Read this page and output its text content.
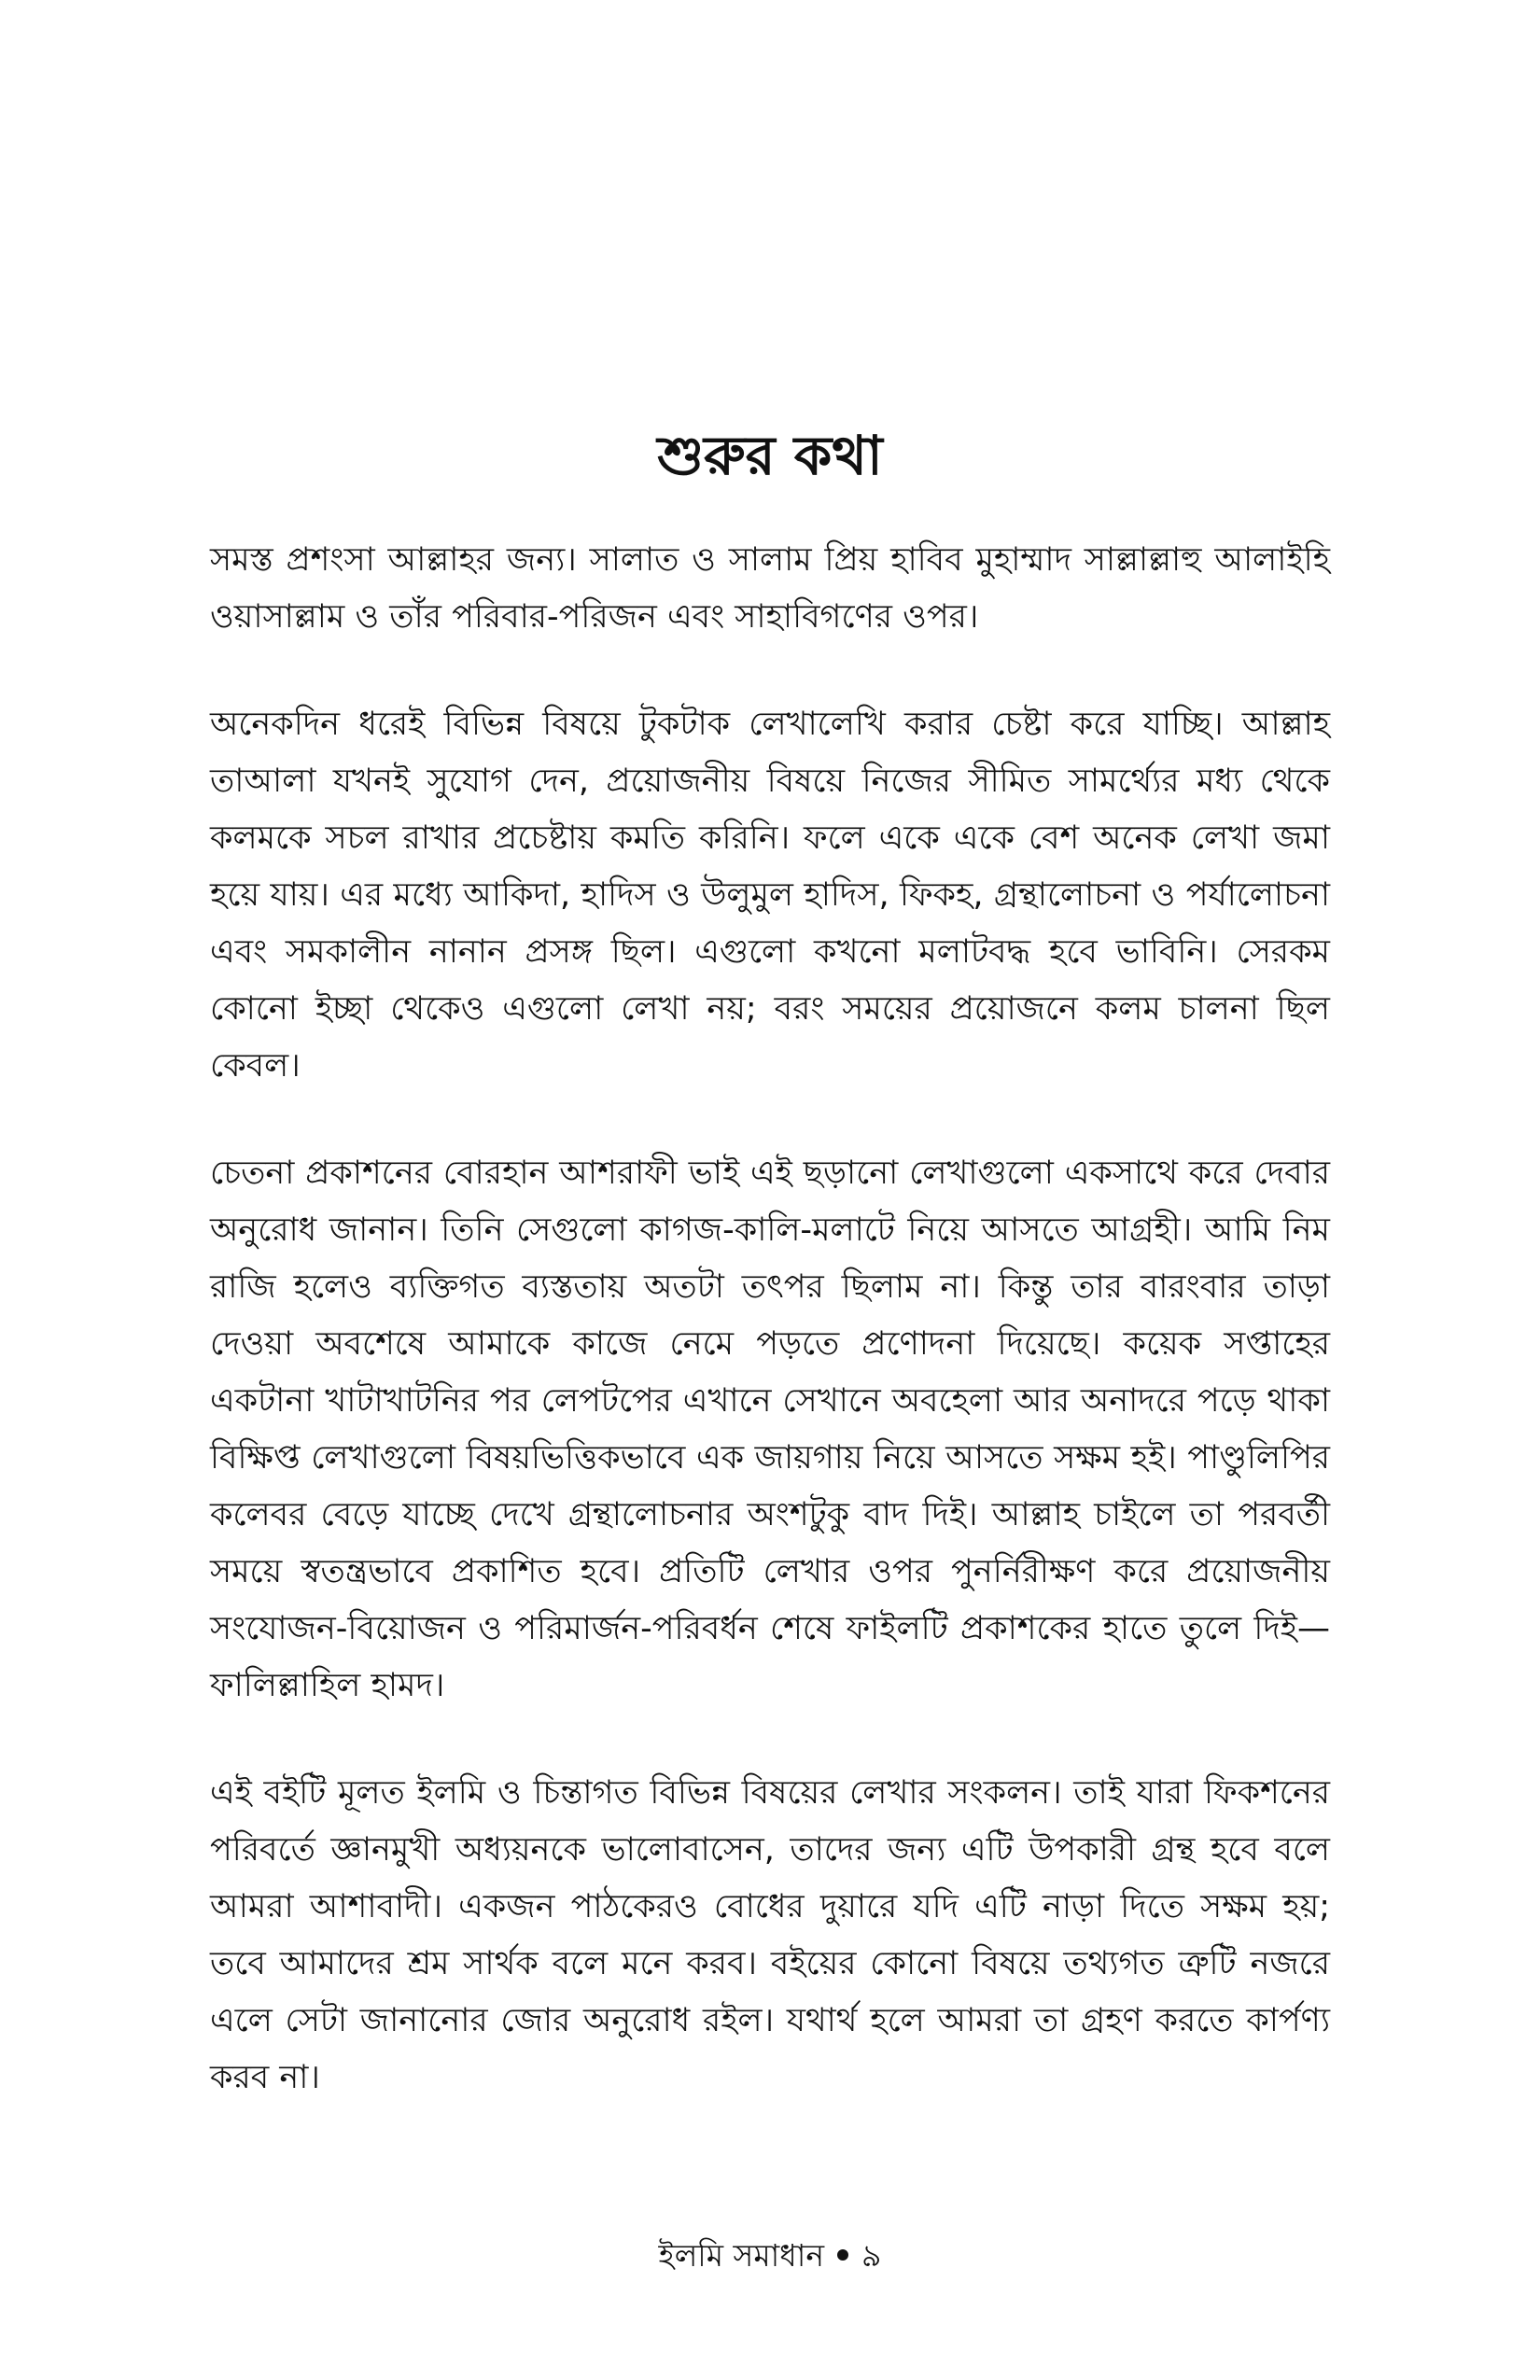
শুরুর কথা

সমস্ত প্রশংসা আল্লাহর জন্য। সালাত ও সালাম প্রিয় হাবিব মুহাম্মাদ সাল্লাল্লাহু আলাইহি ওয়াসাল্লাম ও তাঁর পরিবার-পরিজন এবং সাহাবিগণের ওপর।

অনেকদিন ধরেই বিভিন্ন বিষয়ে টুকটাক লেখালেখি করার চেষ্টা করে যাচ্ছি। আল্লাহ তাআলা যখনই সুযোগ দেন, প্রয়োজনীয় বিষয়ে নিজের সীমিত সামর্থ্যের মধ্য থেকে কলমকে সচল রাখার প্রচেষ্টায় কমতি করিনি। ফলে একে একে বেশ অনেক লেখা জমা হয়ে যায়। এর মধ্যে আকিদা, হাদিস ও উলুমুল হাদিস, ফিকহ, গ্রন্থালোচনা ও পর্যালোচনা এবং সমকালীন নানান প্রসঙ্গ ছিল। এগুলো কখনো মলাটবদ্ধ হবে ভাবিনি। সেরকম কোনো ইচ্ছা থেকেও এগুলো লেখা নয়; বরং সময়ের প্রয়োজনে কলম চালনা ছিল কেবল।

চেতনা প্রকাশনের বোরহান আশরাফী ভাই এই ছড়ানো লেখাগুলো একসাথে করে দেবার অনুরোধ জানান। তিনি সেগুলো কাগজ-কালি-মলাটে নিয়ে আসতে আগ্রহী। আমি নিম রাজি হলেও ব্যক্তিগত ব্যস্ততায় অতটা তৎপর ছিলাম না। কিন্তু তার বারংবার তাড়া দেওয়া অবশেষে আমাকে কাজে নেমে পড়তে প্রণোদনা দিয়েছে। কয়েক সপ্তাহের একটানা খাটাখাটনির পর লেপটপের এখানে সেখানে অবহেলা আর অনাদরে পড়ে থাকা বিক্ষিপ্ত লেখাগুলো বিষয়ভিত্তিকভাবে এক জায়গায় নিয়ে আসতে সক্ষম হই। পাণ্ডুলিপির কলেবর বেড়ে যাচ্ছে দেখে গ্রন্থালোচনার অংশটুকু বাদ দিই। আল্লাহ চাইলে তা পরবর্তী সময়ে স্বতন্ত্রভাবে প্রকাশিত হবে। প্রতিটি লেখার ওপর পুনর্নিরীক্ষণ করে প্রয়োজনীয় সংযোজন-বিয়োজন ও পরিমার্জন-পরিবর্ধন শেষে ফাইলটি প্রকাশকের হাতে তুলে দিই—ফালিল্লাহিল হামদ।

এই বইটি মূলত ইলমি ও চিন্তাগত বিভিন্ন বিষয়ের লেখার সংকলন। তাই যারা ফিকশনের পরিবর্তে জ্ঞানমুখী অধ্যয়নকে ভালোবাসেন, তাদের জন্য এটি উপকারী গ্রন্থ হবে বলে আমরা আশাবাদী। একজন পাঠকেরও বোধের দুয়ারে যদি এটি নাড়া দিতে সক্ষম হয়; তবে আমাদের শ্রম সার্থক বলে মনে করব। বইয়ের কোনো বিষয়ে তথ্যগত ত্রুটি নজরে এলে সেটা জানানোর জোর অনুরোধ রইল। যথার্থ হলে আমরা তা গ্রহণ করতে কার্পণ্য করব না।

ইলমি সমাধান ৯
